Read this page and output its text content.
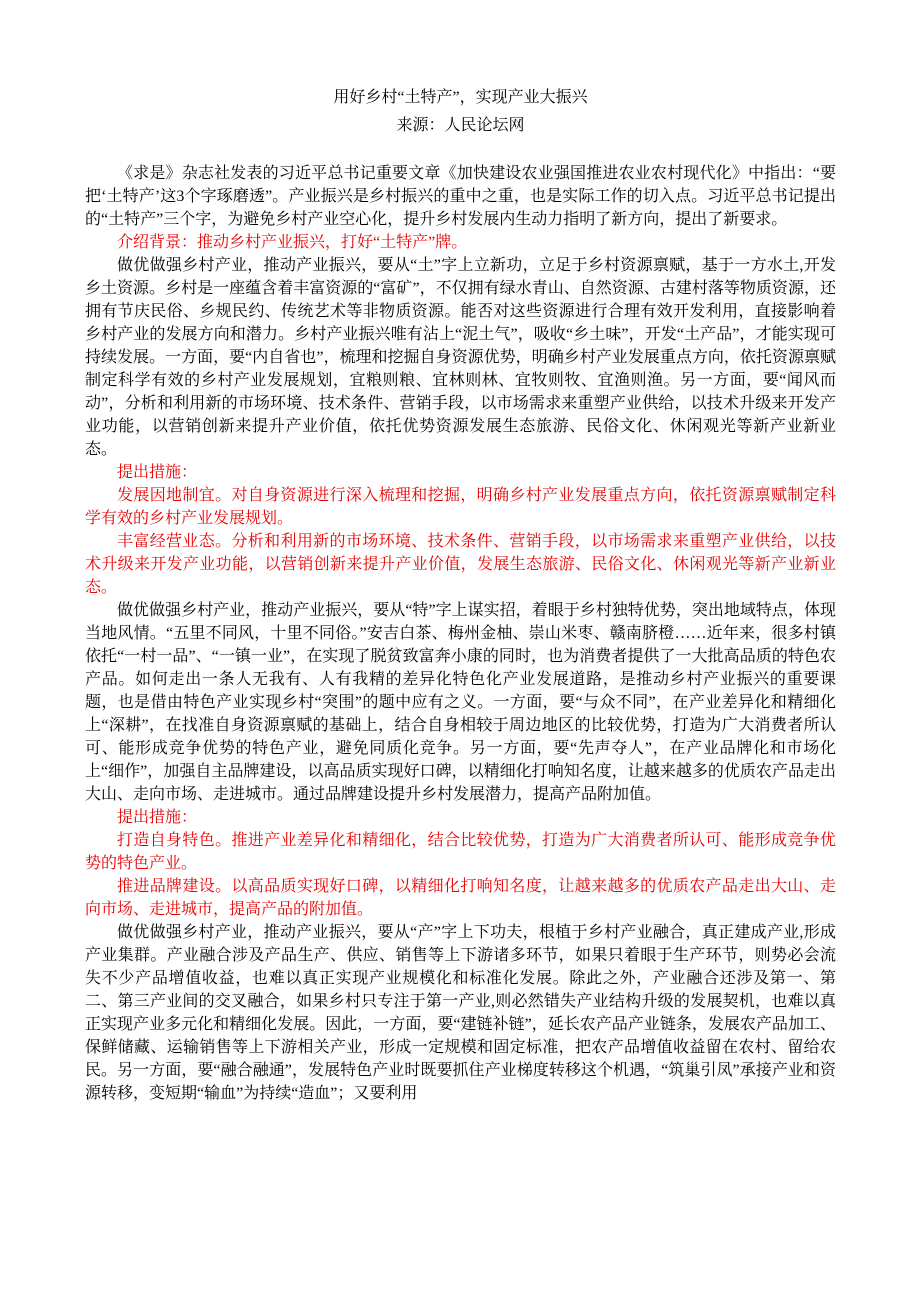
用好乡村“土特产”，实现产业大振兴
来源：人民论坛网

《求是》杂志社发表的习近平总书记重要文章《加快建设农业强国推进农业农村现代化》中指出：“要把‘土特产’这3个字琢磨透”。产业振兴是乡村振兴的重中之重，也是实际工作的切入点。习近平总书记提出的“土特产”三个字，为避免乡村产业空心化，提升乡村发展内生动力指明了新方向，提出了新要求。

介绍背景：推动乡村产业振兴，打好“土特产”牌。

做优做强乡村产业，推动产业振兴，要从“土”字上立新功，立足于乡村资源禀赋，基于一方水土,开发乡土资源。乡村是一座蕴含着丰富资源的“富矿”，不仅拥有绿水青山、自然资源、古建村落等物质资源，还拥有节庆民俗、乡规民约、传统艺术等非物质资源。能否对这些资源进行合理有效开发利用，直接影响着乡村产业的发展方向和潜力。乡村产业振兴唯有沾上“泥土气”，吸收“乡土味”，开发“土产品”，才能实现可持续发展。一方面，要“内自省也”，梳理和挖掘自身资源优势，明确乡村产业发展重点方向，依托资源禀赋制定科学有效的乡村产业发展规划，宜粮则粮、宜林则林、宜牧则牧、宜渔则渔。另一方面，要“闻风而动”，分析和利用新的市场环境、技术条件、营销手段，以市场需求来重塑产业供给，以技术升级来开发产业功能，以营销创新来提升产业价值，依托优势资源发展生态旅游、民俗文化、休闲观光等新产业新业态。

提出措施：

发展因地制宜。对自身资源进行深入梳理和挖掘，明确乡村产业发展重点方向，依托资源禀赋制定科学有效的乡村产业发展规划。

丰富经营业态。分析和利用新的市场环境、技术条件、营销手段，以市场需求来重塑产业供给，以技术升级来开发产业功能，以营销创新来提升产业价值，发展生态旅游、民俗文化、休闲观光等新产业新业态。

做优做强乡村产业，推动产业振兴，要从“特”字上谋实招，着眼于乡村独特优势，突出地域特点，体现当地风情。“五里不同风，十里不同俗。”安吉白茶、梅州金柚、崇山米枣、赣南脐橙……近年来，很多村镇依托“一村一品”、“一镇一业”，在实现了脱贫致富奔小康的同时，也为消费者提供了一大批高品质的特色农产品。如何走出一条人无我有、人有我精的差异化特色化产业发展道路，是推动乡村产业振兴的重要课题，也是借由特色产业实现乡村“突围”的题中应有之义。一方面，要“与众不同”，在产业差异化和精细化上“深耕”，在找准自身资源禀赋的基础上，结合自身相较于周边地区的比较优势，打造为广大消费者所认可、能形成竞争优势的特色产业，避免同质化竞争。另一方面，要“先声夺人”，在产业品牌化和市场化上“细作”，加强自主品牌建设，以高品质实现好口碑，以精细化打响知名度，让越来越多的优质农产品走出大山、走向市场、走进城市。通过品牌建设提升乡村发展潜力，提高产品附加值。

提出措施：

打造自身特色。推进产业差异化和精细化，结合比较优势，打造为广大消费者所认可、能形成竞争优势的特色产业。

推进品牌建设。以高品质实现好口碑，以精细化打响知名度，让越来越多的优质农产品走出大山、走向市场、走进城市，提高产品的附加值。

做优做强乡村产业，推动产业振兴，要从“产”字上下功夫，根植于乡村产业融合，真正建成产业,形成产业集群。产业融合涉及产品生产、供应、销售等上下游诸多环节，如果只着眼于生产环节，则势必会流失不少产品增值收益，也难以真正实现产业规模化和标准化发展。除此之外，产业融合还涉及第一、第二、第三产业间的交叉融合，如果乡村只专注于第一产业,则必然错失产业结构升级的发展契机，也难以真正实现产业多元化和精细化发展。因此，一方面，要“建链补链”，延长农产品产业链条，发展农产品加工、保鲜储藏、运输销售等上下游相关产业，形成一定规模和固定标准，把农产品增值收益留在农村、留给农民。另一方面，要“融合融通”，发展特色产业时既要抓住产业梯度转移这个机遇，“筑巢引凤”承接产业和资源转移，变短期“输血”为持续“造血”；又要利用
